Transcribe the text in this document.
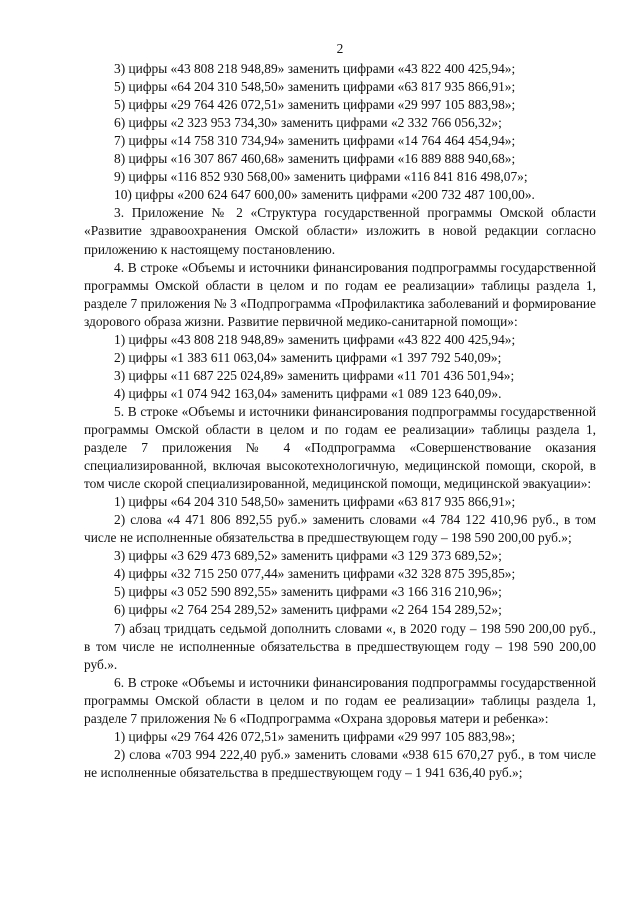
2
3) цифры «43 808 218 948,89» заменить цифрами «43 822 400 425,94»;
5) цифры «64 204 310 548,50» заменить цифрами «63 817 935 866,91»;
5) цифры «29 764 426 072,51» заменить цифрами «29 997 105 883,98»;
6) цифры «2 323 953 734,30» заменить цифрами «2 332 766 056,32»;
7) цифры «14 758 310 734,94» заменить цифрами «14 764 464 454,94»;
8) цифры «16 307 867 460,68» заменить цифрами «16 889 888 940,68»;
9) цифры «116 852 930 568,00» заменить цифрами «116 841 816 498,07»;
10) цифры «200 624 647 600,00» заменить цифрами «200 732 487 100,00».

3. Приложение № 2 «Структура государственной программы Омской области «Развитие здравоохранения Омской области» изложить в новой редакции согласно приложению к настоящему постановлению.

4. В строке «Объемы и источники финансирования подпрограммы государственной программы Омской области в целом и по годам ее реализации» таблицы раздела 1, разделе 7 приложения № 3 «Подпрограмма «Профилактика заболеваний и формирование здорового образа жизни. Развитие первичной медико-санитарной помощи»:

1) цифры «43 808 218 948,89» заменить цифрами «43 822 400 425,94»;
2) цифры «1 383 611 063,04» заменить цифрами «1 397 792 540,09»;
3) цифры «11 687 225 024,89» заменить цифрами «11 701 436 501,94»;
4) цифры «1 074 942 163,04» заменить цифрами «1 089 123 640,09».

5. В строке «Объемы и источники финансирования подпрограммы государственной программы Омской области в целом и по годам ее реализации» таблицы раздела 1, разделе 7 приложения № 4 «Подпрограмма «Совершенствование оказания специализированной, включая высокотехнологичную, медицинской помощи, скорой, в том числе скорой специализированной, медицинской помощи, медицинской эвакуации»:

1) цифры «64 204 310 548,50» заменить цифрами «63 817 935 866,91»;

2) слова «4 471 806 892,55 руб.» заменить словами «4 784 122 410,96 руб., в том числе не исполненные обязательства в предшествующем году – 198 590 200,00 руб.»;

3) цифры «3 629 473 689,52» заменить цифрами «3 129 373 689,52»;
4) цифры «32 715 250 077,44» заменить цифрами «32 328 875 395,85»;
5) цифры «3 052 590 892,55» заменить цифрами «3 166 316 210,96»;
6) цифры «2 764 254 289,52» заменить цифрами «2 264 154 289,52»;

7) абзац тридцать седьмой дополнить словами «, в 2020 году – 198 590 200,00 руб., в том числе не исполненные обязательства в предшествующем году – 198 590 200,00 руб.».

6. В строке «Объемы и источники финансирования подпрограммы государственной программы Омской области в целом и по годам ее реализации» таблицы раздела 1, разделе 7 приложения № 6 «Подпрограмма «Охрана здоровья матери и ребенка»:

1) цифры «29 764 426 072,51» заменить цифрами «29 997 105 883,98»;

2) слова «703 994 222,40 руб.» заменить словами «938 615 670,27 руб., в том числе не исполненные обязательства в предшествующем году – 1 941 636,40 руб.»;
